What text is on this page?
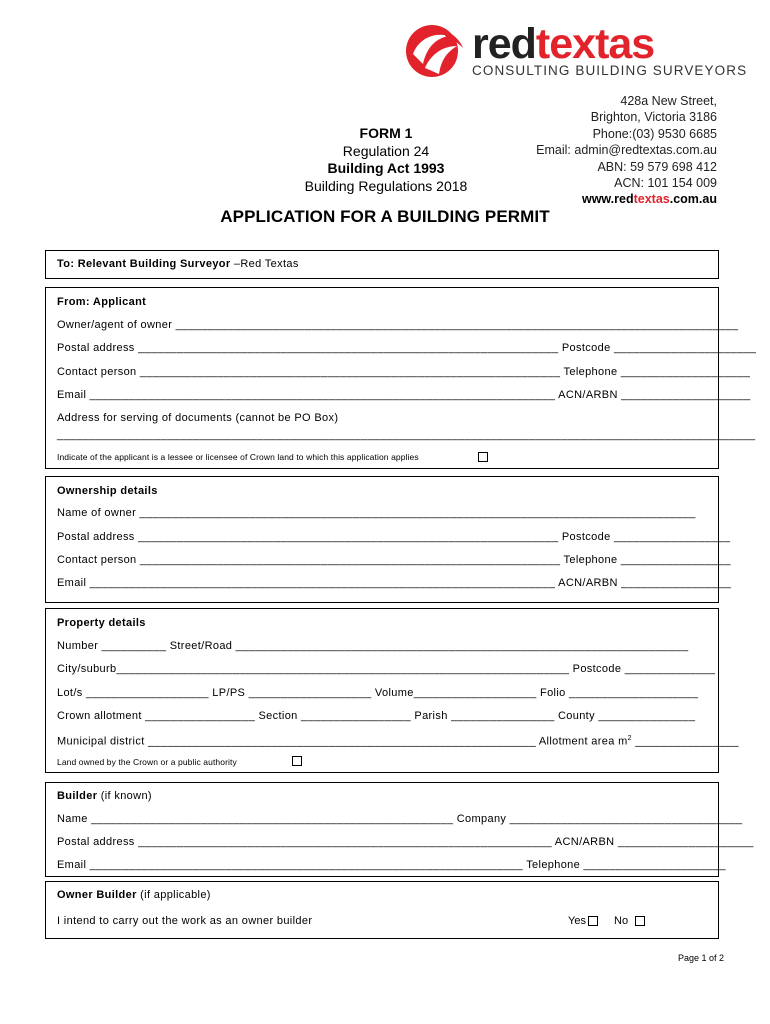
redtextas
CONSULTING BUILDING SURVEYORS
428a New Street,
Brighton, Victoria 3186
Phone:(03) 9530 6685
Email: admin@redtextas.com.au
ABN: 59 579 698 412
ACN: 101 154 009
www.redtextas.com.au
FORM 1
Regulation 24
Building Act 1993
Building Regulations 2018
APPLICATION FOR A BUILDING PERMIT
To: Relevant Building Surveyor –Red Textas
From: Applicant
Owner/agent of owner _______________________________________________________________________________________
Postal address _________________________________________________________________ Postcode ______________________
Contact person _________________________________________________________________ Telephone ____________________
Email ________________________________________________________________________ ACN/ARBN ____________________
Address for serving of documents (cannot be PO Box)
____________________________________________________________________________________________________________
Indicate of the applicant is a lessee or licensee of Crown land to which this application applies
Ownership details
Name of owner ______________________________________________________________________________________
Postal address _________________________________________________________________ Postcode __________________
Contact person _________________________________________________________________ Telephone _________________
Email ________________________________________________________________________ ACN/ARBN _________________
Property details
Number __________ Street/Road ______________________________________________________________________
City/suburb______________________________________________________________________ Postcode ______________
Lot/s ___________________ LP/PS ___________________ Volume___________________ Folio ____________________
Crown allotment _________________ Section _________________ Parish ________________ County _______________
Municipal district ____________________________________________________________ Allotment area $m^2$ ________________
Land owned by the Crown or a public authority
Builder (if known)
Name ________________________________________________________ Company ____________________________________
Postal address ________________________________________________________________ ACN/ARBN _____________________
Email ___________________________________________________________________ Telephone ______________________
Owner Builder (if applicable)
I intend to carry out the work as an owner builder	Yes	No
Page 1 of 2
